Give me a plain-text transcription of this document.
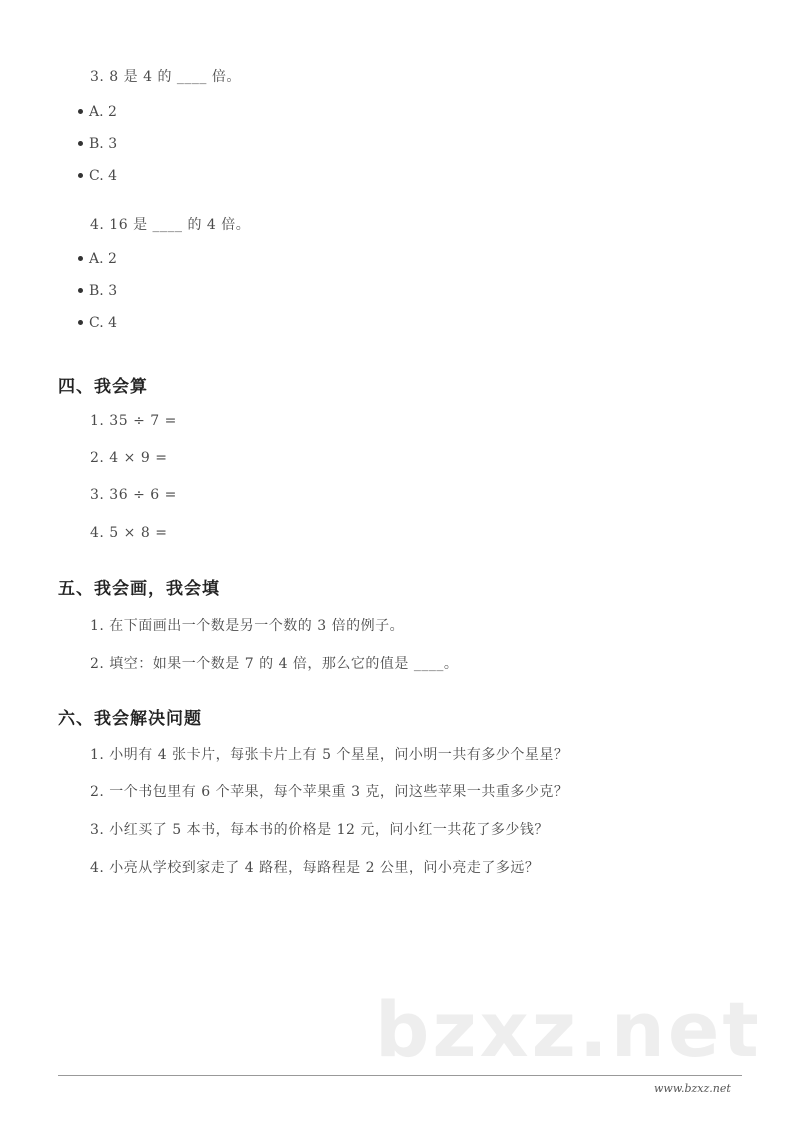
3. 8 是 4 的 ____ 倍。
A. 2
B. 3
C. 4
4. 16 是 ____ 的 4 倍。
A. 2
B. 3
C. 4
四、我会算
1. 35 ÷ 7 =
2. 4 × 9 =
3. 36 ÷ 6 =
4. 5 × 8 =
五、我会画，我会填
1. 在下面画出一个数是另一个数的 3 倍的例子。
2. 填空：如果一个数是 7 的 4 倍，那么它的值是 ____。
六、我会解决问题
1. 小明有 4 张卡片，每张卡片上有 5 个星星，问小明一共有多少个星星？
2. 一个书包里有 6 个苹果，每个苹果重 3 克，问这些苹果一共重多少克？
3. 小红买了 5 本书，每本书的价格是 12 元，问小红一共花了多少钱？
4. 小亮从学校到家走了 4 路程，每路程是 2 公里，问小亮走了多远？
bzxz.net
www.bzxz.net
